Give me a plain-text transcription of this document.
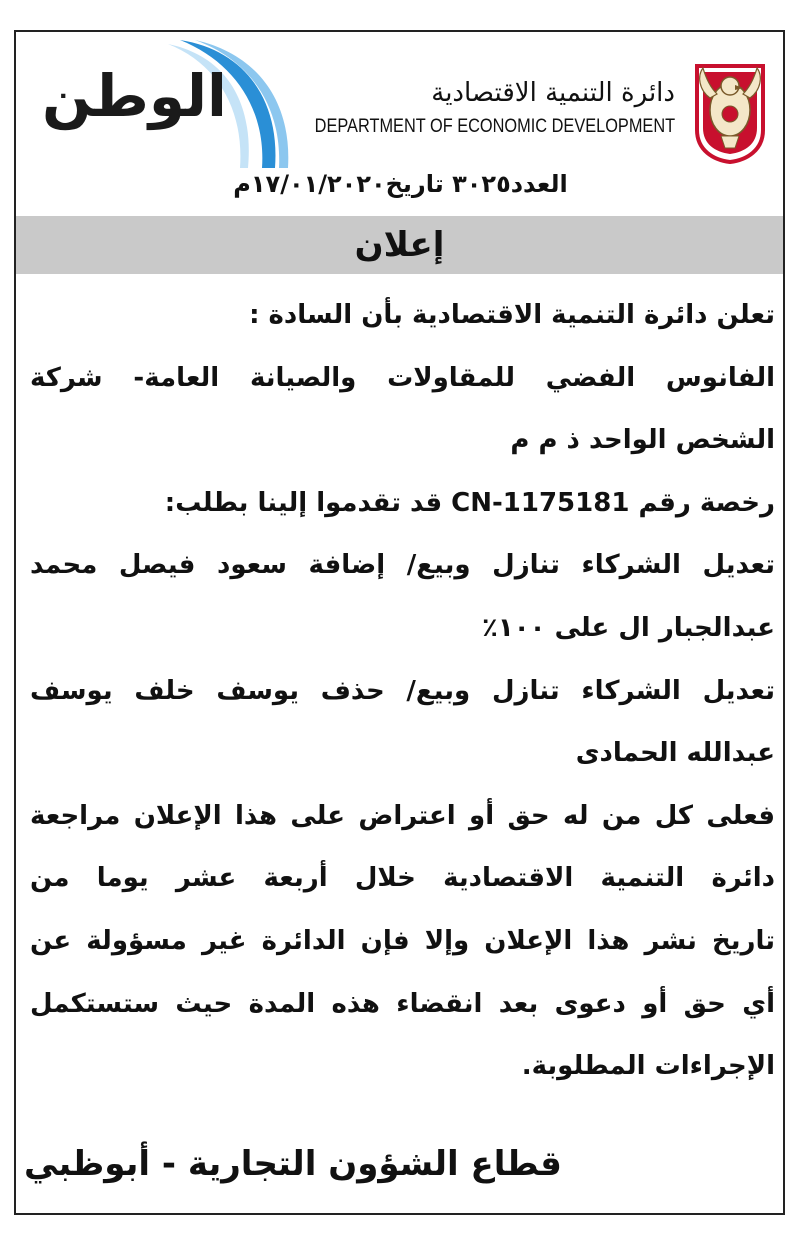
الوطن	دائرة التنمية الاقتصادية
DEPARTMENT OF ECONOMIC DEVELOPMENT
العدد٣٠٢٥ تاريخ١٧/٠١/٢٠٢٠م
إعلان
تعلن دائرة التنمية الاقتصادية بأن السادة :
الفانوس الفضي للمقاولات والصيانة العامة- شركة
الشخص الواحد ذ م م
رخصة رقم CN-1175181 قد تقدموا إلينا بطلب:
تعديل الشركاء تنازل وبيع/ إضافة سعود فيصل محمد
عبدالجبار ال على ١٠٠٪
تعديل الشركاء تنازل وبيع/ حذف يوسف خلف يوسف
عبدالله الحمادى
فعلى كل من له حق أو اعتراض على هذا الإعلان مراجعة
دائرة التنمية الاقتصادية خلال أربعة عشر يوما من
تاريخ نشر هذا الإعلان وإلا فإن الدائرة غير مسؤولة عن
أي حق أو دعوى بعد انقضاء هذه المدة حيث ستستكمل
الإجراءات المطلوبة.
قطاع الشؤون التجارية - أبوظبي
